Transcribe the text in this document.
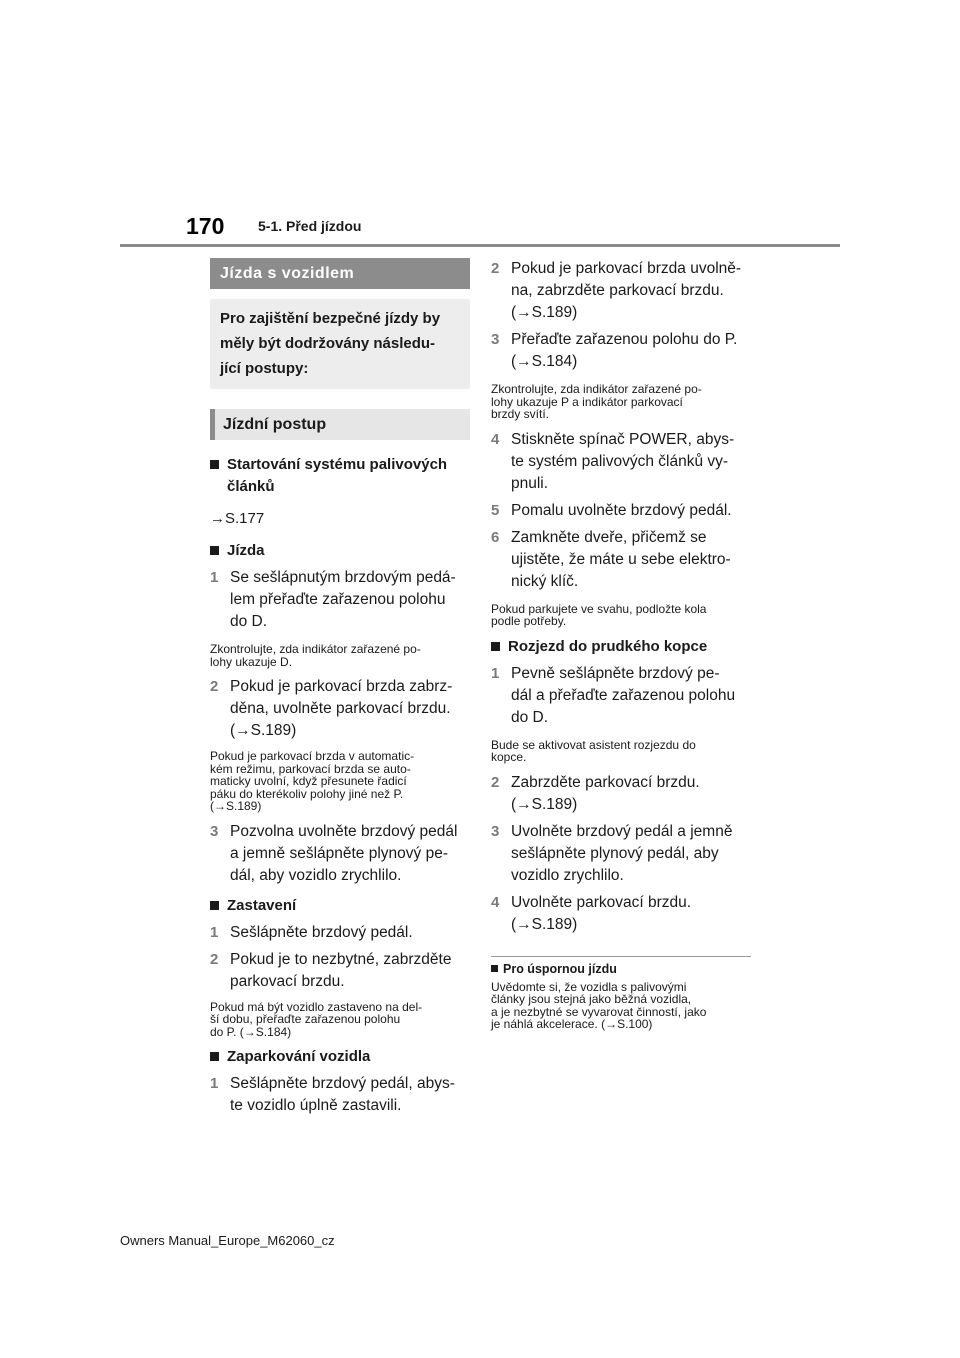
170 5-1. Před jízdou
Jízda s vozidlem
Pro zajištění bezpečné jízdy by
měly být dodržovány následu-
jící postupy:
Jízdní postup
Startování systému palivových
článků
→S.177
Jízda
1 Se sešlápnutým brzdovým pedá-
lem přeřaďte zařazenou polohu
do D.
Zkontrolujte, zda indikátor zařazené po-
lohy ukazuje D.
2 Pokud je parkovací brzda zabrz-
děna, uvolněte parkovací brzdu.
(→S.189)
Pokud je parkovací brzda v automatic-
kém režimu, parkovací brzda se auto-
maticky uvolní, když přesunete řadicí
páku do kterékoliv polohy jiné než P.
(→S.189)
3 Pozvolna uvolněte brzdový pedál
a jemně sešlápněte plynový pe-
dál, aby vozidlo zrychlilo.
Zastavení
1 Sešlápněte brzdový pedál.
2 Pokud je to nezbytné, zabrzděte
parkovací brzdu.
Pokud má být vozidlo zastaveno na del-
ší dobu, přeřaďte zařazenou polohu
do P. (→S.184)
Zaparkování vozidla
1 Sešlápněte brzdový pedál, abys-
te vozidlo úplně zastavili.
2 Pokud je parkovací brzda uvolně-
na, zabrzděte parkovací brzdu.
(→S.189)
3 Přeřaďte zařazenou polohu do P.
(→S.184)
Zkontrolujte, zda indikátor zařazené po-
lohy ukazuje P a indikátor parkovací
brzdy svítí.
4 Stiskněte spínač POWER, abys-
te systém palivových článků vy-
pnuli.
5 Pomalu uvolněte brzdový pedál.
6 Zamkněte dveře, přičemž se
ujistěte, že máte u sebe elektro-
nický klíč.
Pokud parkujete ve svahu, podložte kola
podle potřeby.
Rozjezd do prudkého kopce
1 Pevně sešlápněte brzdový pe-
dál a přeřaďte zařazenou polohu
do D.
Bude se aktivovat asistent rozjezdu do
kopce.
2 Zabrzděte parkovací brzdu.
(→S.189)
3 Uvolněte brzdový pedál a jemně
sešlápněte plynový pedál, aby
vozidlo zrychlilo.
4 Uvolněte parkovací brzdu.
(→S.189)
Pro úspornou jízdu
Uvědomte si, že vozidla s palivovými
články jsou stejná jako běžná vozidla,
a je nezbytné se vyvarovat činností, jako
je náhlá akcelerace. (→S.100)
Owners Manual_Europe_M62060_cz
